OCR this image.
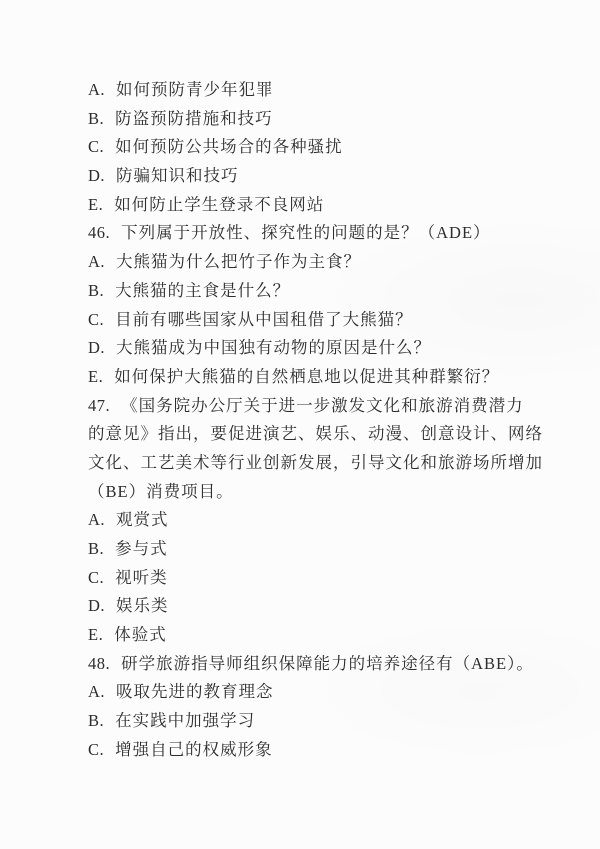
A. 如何预防青少年犯罪
B. 防盗预防措施和技巧
C. 如何预防公共场合的各种骚扰
D. 防骗知识和技巧
E. 如何防止学生登录不良网站
46. 下列属于开放性、探究性的问题的是？（ADE）
A. 大熊猫为什么把竹子作为主食？
B. 大熊猫的主食是什么？
C. 目前有哪些国家从中国租借了大熊猫？
D. 大熊猫成为中国独有动物的原因是什么？
E. 如何保护大熊猫的自然栖息地以促进其种群繁衍？
47. 《国务院办公厅关于进一步激发文化和旅游消费潜力
的意见》指出，要促进演艺、娱乐、动漫、创意设计、网络
文化、工艺美术等行业创新发展，引导文化和旅游场所增加
（BE）消费项目。
A. 观赏式
B. 参与式
C. 视听类
D. 娱乐类
E. 体验式
48. 研学旅游指导师组织保障能力的培养途径有（ABE）。
A. 吸取先进的教育理念
B. 在实践中加强学习
C. 增强自己的权威形象
